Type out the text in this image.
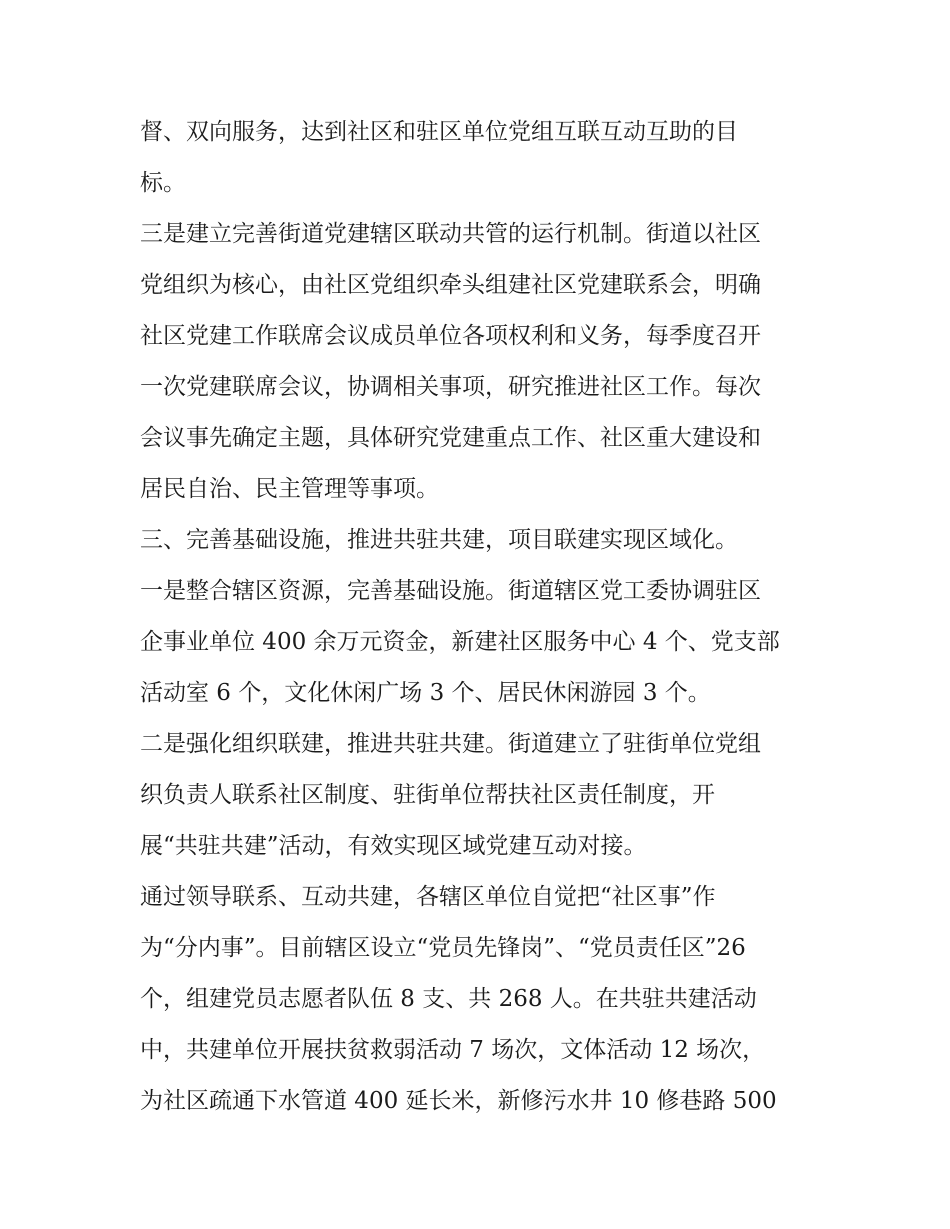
督、双向服务，达到社区和驻区单位党组互联互动互助的目
标。
三是建立完善街道党建辖区联动共管的运行机制。街道以社区
党组织为核心，由社区党组织牵头组建社区党建联系会，明确
社区党建工作联席会议成员单位各项权利和义务，每季度召开
一次党建联席会议，协调相关事项，研究推进社区工作。每次
会议事先确定主题，具体研究党建重点工作、社区重大建设和
居民自治、民主管理等事项。
三、完善基础设施，推进共驻共建，项目联建实现区域化。
一是整合辖区资源，完善基础设施。街道辖区党工委协调驻区
企事业单位 400 余万元资金，新建社区服务中心 4 个、党支部
活动室 6 个，文化休闲广场 3 个、居民休闲游园 3 个。
二是强化组织联建，推进共驻共建。街道建立了驻街单位党组
织负责人联系社区制度、驻街单位帮扶社区责任制度，开
展“共驻共建”活动，有效实现区域党建互动对接。
通过领导联系、互动共建，各辖区单位自觉把“社区事”作
为“分内事”。目前辖区设立“党员先锋岗”、“党员责任区”26
个，组建党员志愿者队伍 8 支、共 268 人。在共驻共建活动
中，共建单位开展扶贫救弱活动 7 场次，文体活动 12 场次，
为社区疏通下水管道 400 延长米，新修污水井 10 修巷路 500
